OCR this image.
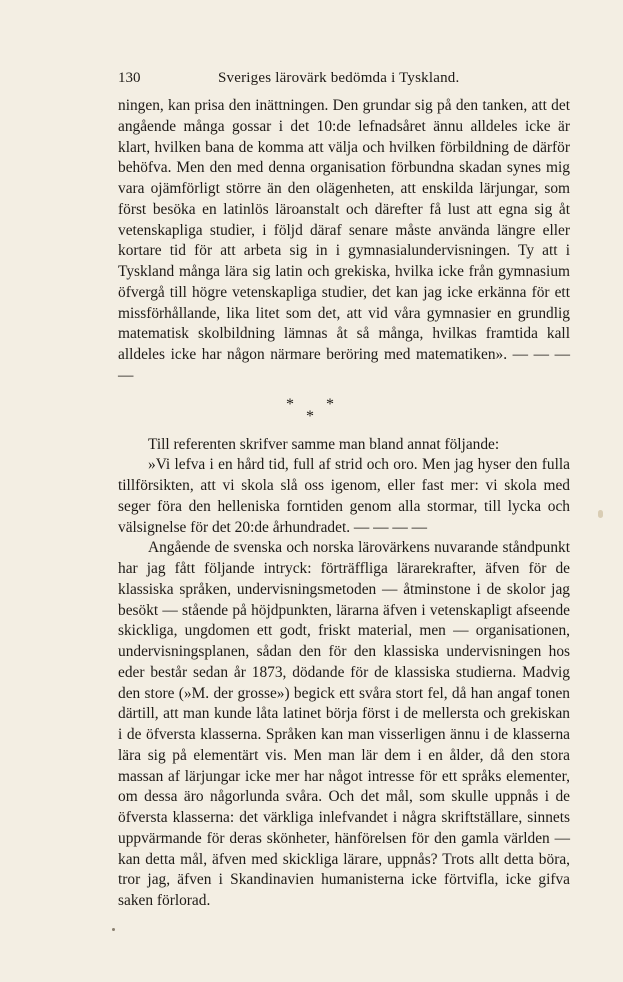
130	Sveriges lärovärk bedömda i Tyskland.

ningen, kan prisa den inättningen. Den grundar sig på den tanken, att det angående många gossar i det 10:de lefnadsåret ännu alldeles icke är klart, hvilken bana de komma att välja och hvilken förbildning de därför behöfva. Men den med denna organisation förbundna skadan synes mig vara ojämförligt större än den olägenheten, att enskilda lärjungar, som först besöka en latinlös läroanstalt och därefter få lust att egna sig åt vetenskapliga studier, i följd däraf senare måste använda längre eller kortare tid för att arbeta sig in i gymnasialundervisningen. Ty att i Tyskland många lära sig latin och grekiska, hvilka icke från gymnasium öfvergå till högre vetenskapliga studier, det kan jag icke erkänna för ett missförhållande, lika litet som det, att vid våra gymnasier en grundlig matematisk skolbildning lämnas åt så många, hvilkas framtida kall alldeles icke har någon närmare beröring med matematiken». — — — —

* *
*

Till referenten skrifver samme man bland annat följande:

»Vi lefva i en hård tid, full af strid och oro. Men jag hyser den fulla tillförsikten, att vi skola slå oss igenom, eller fast mer: vi skola med seger föra den helleniska forntiden genom alla stormar, till lycka och välsignelse för det 20:de århundradet. — — — —

Angående de svenska och norska lärovärkens nuvarande ståndpunkt har jag fått följande intryck: förträffliga lärarekrafter, äfven för de klassiska språken, undervisningsmetoden — åtminstone i de skolor jag besökt — stående på höjdpunkten, lärarna äfven i vetenskapligt afseende skickliga, ungdomen ett godt, friskt material, men — organisationen, undervisningsplanen, sådan den för den klassiska undervisningen hos eder består sedan år 1873, dödande för de klassiska studierna. Madvig den store (»M. der grosse») begick ett svåra stort fel, då han angaf tonen därtill, att man kunde låta latinet börja först i de mellersta och grekiskan i de öfversta klasserna. Språken kan man visserligen ännu i de klasserna lära sig på elementärt vis. Men man lär dem i en ålder, då den stora massan af lärjungar icke mer har något intresse för ett språks elementer, om dessa äro någorlunda svåra. Och det mål, som skulle uppnås i de öfversta klasserna: det värkliga inlefvandet i några skriftställare, sinnets uppvärmande för deras skönheter, hänförelsen för den gamla världen — kan detta mål, äfven med skickliga lärare, uppnås? Trots allt detta böra, tror jag, äfven i Skandinavien humanisterna icke förtvifla, icke gifva saken förlorad.
